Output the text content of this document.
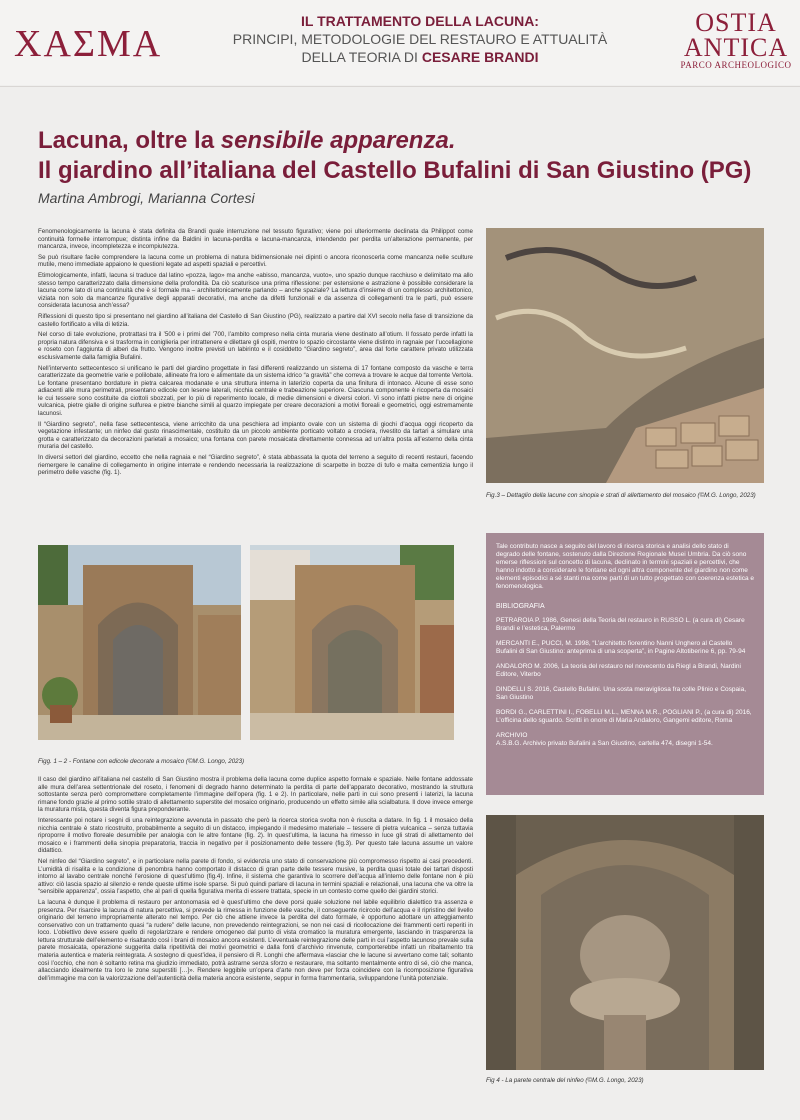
ΧΑΣΜΑ
IL TRATTAMENTO DELLA LACUNA:
PRINCIPI, METODOLOGIE DEL RESTAURO E ATTUALITÀ
DELLA TEORIA DI CESARE BRANDI
OSTIA
ANTICA
PARCO ARCHEOLOGICO
Lacuna, oltre la sensibile apparenza.
Il giardino all’italiana del Castello Bufalini di San Giustino (PG)
Martina Ambrogi, Marianna Cortesi

Fenomenologicamente la lacuna è stata definita da Brandi quale interruzione nel tessuto figurativo; viene poi ulteriormente declinata da Philippot come continuità formelle interrompue; distinta infine da Baldini in lacuna-perdita e lacuna-mancanza, intendendo per perdita un’alterazione permanente, per mancanza, invece, incompletezza e incompiutezza.

Se può risultare facile comprendere la lacuna come un problema di natura bidimensionale nei dipinti o ancora riconoscerla come mancanza nelle sculture mutile, meno immediate appaiono le questioni legate ad aspetti spaziali e percettivi.

Etimologicamente, infatti, lacuna si traduce dal latino «pozza, lago» ma anche «abisso, mancanza, vuoto», uno spazio dunque racchiuso e delimitato ma allo stesso tempo caratterizzato dalla dimensione della profondità. Da ciò scaturisce una prima riflessione: per estensione e astrazione è possibile considerare la lacuna come lato di una continuità che è sì formale ma – architettonicamente parlando – anche spaziale? La lettura d’insieme di un complesso architettonico, viziata non solo da mancanze figurative degli apparati decorativi, ma anche da difetti funzionali e da assenza di collegamenti tra le parti, può essere considerata lacunosa anch’essa?

Riflessioni di questo tipo si presentano nel giardino all’italiana del Castello di San Giustino (PG), realizzato a partire dal XVI secolo nella fase di transizione da castello fortificato a villa di letizia.

Nel corso di tale evoluzione, protrattasi tra il ’500 e i primi del ’700, l’ambito compreso nella cinta muraria viene destinato all’otium. Il fossato perde infatti la propria natura difensiva e si trasforma in coniglieria per intrattenere e dilettare gli ospiti, mentre lo spazio circostante viene distinto in ragnaie per l’uccellagione e roseto con l’aggiunta di alberi da frutto. Vengono inoltre previsti un labirinto e il cosiddetto “Giardino segreto”, area dal forte carattere privato utilizzata esclusivamente dalla famiglia Bufalini.

Nell’intervento settecentesco si unificano le parti del giardino progettate in fasi differenti realizzando un sistema di 17 fontane composto da vasche e terra caratterizzate da geometrie varie e polilobate, allineate fra loro e alimentate da un sistema idrico “a gravità” che correva a trovare le acque dal torrente Vertola. Le fontane presentano bordature in pietra calcarea modanate e una struttura interna in laterizio coperta da una finitura di intonaco. Alcune di esse sono adiacenti alle mura perimetrali, presentano edicole con lesene laterali, nicchia centrale e trabeazione superiore. Ciascuna componente è ricoperta da mosaici le cui tessere sono costituite da ciottoli sbozzati, per lo più di reperimento locale, di medie dimensioni e diversi colori. Vi sono infatti pietre nere di origine vulcanica, pietre gialle di origine sulfurea e pietre bianche simili al quarzo impiegate per creare decorazioni a motivi floreali e geometrici, oggi estremamente lacunosi.

Il “Giardino segreto”, nella fase settecentesca, viene arricchito da una peschiera ad impianto ovale con un sistema di giochi d’acqua oggi ricoperto da vegetazione infestante; un ninfeo dal gusto rinascimentale, costituito da un piccolo ambiente porticato voltato a crociera, rivestito da tartari a simulare una grotta e caratterizzato da decorazioni parietali a mosaico; una fontana con parete mosaicata direttamente connessa ad un’altra posta all’esterno della cinta muraria del castello.

In diversi settori del giardino, eccetto che nella ragnaia e nel “Giardino segreto”, è stata abbassata la quota del terreno a seguito di recenti restauri, facendo riemergere le canaline di collegamento in origine interrate e rendendo necessaria la realizzazione di scarpette in bozze di tufo e malta cementizia lungo il perimetro delle vasche (fig. 1).

Figg. 1 – 2 - Fontane con edicole decorate a mosaico (©M.G. Longo, 2023)

Il caso del giardino all’italiana nel castello di San Giustino mostra il problema della lacuna come duplice aspetto formale e spaziale. Nelle fontane addossate alle mura dell’area settentrionale del roseto, i fenomeni di degrado hanno determinato la perdita di parte dell’apparato decorativo, mostrando la struttura sottostante senza però compromettere completamente l’immagine dell’opera (fig. 1 e 2). In particolare, nelle parti in cui sono presenti i laterizi, la lacuna rimane fondo grazie al primo sottile strato di allettamento superstite del mosaico originario, producendo un effetto simile alla scialbatura. Il dove invece emerge la muratura mista, questa diventa figura preponderante.

Interessante poi notare i segni di una reintegrazione avvenuta in passato che però la ricerca storica svolta non è riuscita a datare. In fig. 1 il mosaico della nicchia centrale è stato ricostruito, probabilmente a seguito di un distacco, impiegando il medesimo materiale – tessere di pietra vulcanica – senza tuttavia riproporre il motivo floreale desumibile per analogia con le altre fontane (fig. 2). In quest’ultima, la lacuna ha rimesso in luce gli strati di allettamento del mosaico e i frammenti della sinopia preparatoria, traccia in negativo per il posizionamento delle tessere (fig.3). Per questo tale lacuna assume un valore didattico.

Nel ninfeo del “Giardino segreto”, e in particolare nella parete di fondo, si evidenzia uno stato di conservazione più compromesso rispetto ai casi precedenti. L’umidità di risalita e la condizione di penombra hanno comportato il distacco di gran parte delle tessere musive, la perdita quasi totale dei tartari disposti intorno al lavabo centrale nonché l’erosione di quest’ultimo (fig.4). Infine, il sistema che garantiva lo scorrere dell’acqua all’interno delle fontane non è più attivo: ciò lascia spazio al silenzio e rende queste ultime isole sparse. Si può quindi parlare di lacuna in termini spaziali e relazionali, una lacuna che va oltre la “sensibile apparenza”, ossia l’aspetto, che al pari di quella figurativa merita di essere trattata, specie in un contesto come quello dei giardini storici.

La lacuna è dunque il problema di restauro per antonomasia ed è quest’ultimo che deve porsi quale soluzione nel labile equilibrio dialettico tra assenza e presenza. Per risarcire la lacuna di natura percettiva, si prevede la rimessa in funzione delle vasche, il conseguente ricircolo dell’acqua e il ripristino del livello originario del terreno impropriamente alterato nel tempo. Per ciò che attiene invece la perdita del dato formale, è opportuno adottare un atteggiamento conservativo con un trattamento quasi “a rudere” delle lacune, non prevedendo reintegrazioni, se non nei casi di ricollocazione dei frammenti certi reperiti in loco. L’obiettivo deve essere quello di regolarizzare e rendere omogeneo dal punto di vista cromatico la muratura emergente, lasciando in trasparenza la lettura strutturale dell’elemento e risaltando così i brani di mosaico ancora esistenti. L’eventuale reintegrazione delle parti in cui l’aspetto lacunoso prevale sulla parete mosaicata, operazione suggerita dalla ripetitività dei motivi geometrici e dalla fonti d’archivio rinvenute, comporterebbe infatti un ribaltamento tra materia autentica e materia reintegrata. A sostegno di quest’idea, il pensiero di R. Longhi che affermava «lasciar che le lacune si avvertano come tali; soltanto così l’occhio, che non è soltanto retina ma giudizio immediato, potrà astrarne senza sforzo e restaurare, ma soltanto mentalmente entro di sé, ciò che manca, allacciando idealmente tra loro le zone superstiti […]». Rendere leggibile un’opera d’arte non deve per forza coincidere con la ricomposizione figurativa dell’immagine ma con la valorizzazione dell’autenticità della materia ancora esistente, seppur in forma frammentaria, sviluppandone l’unità potenziale.

Fig.3 – Dettaglio della lacune con sinopia e strati di allettamento del mosaico (©M.G. Longo, 2023)

Tale contributo nasce a seguito del lavoro di ricerca storica e analisi dello stato di degrado delle fontane, sostenuto dalla Direzione Regionale Musei Umbria. Da ciò sono emerse riflessioni sul concetto di lacuna, declinato in termini spaziali e percettivi, che hanno indotto a considerare le fontane ed ogni altra componente del giardino non come elementi episodici a sé stanti ma come parti di un tutto progettato con coerenza estetica e fenomenologica.

BIBLIOGRAFIA

PETRAROIA P. 1986, Genesi della Teoria del restauro in RUSSO L. (a cura di) Cesare Brandi e l’estetica, Palermo

MERCANTI E., PUCCI, M. 1998, “L’architetto fiorentino Nanni Ungherо al Castello Bufalini di San Giustino: anteprima di una scoperta”, in Pagine Altotiberine 6, pp. 79-94

ANDALORO M. 2006, La teoria del restauro nel novecento da Riegl a Brandi, Nardini Editore, Viterbo

DINDELLI S. 2016, Castello Bufalini. Una sosta meravigliosa fra colle Plinio e Cospaia, San Giustino

BORDI G., CARLETTINI I., FOBELLI M.L., MENNA M.R., POGLIANI P., (a cura di) 2016, L’officina dello sguardo. Scritti in onore di Maria Andaloro, Gangemi editore, Roma

ARCHIVIO
A.S.B.G. Archivio privato Bufalini a San Giustino, cartella 474, disegni 1-54.

Fig 4 - La parete centrale del ninfeo (©M.G. Longo, 2023)
